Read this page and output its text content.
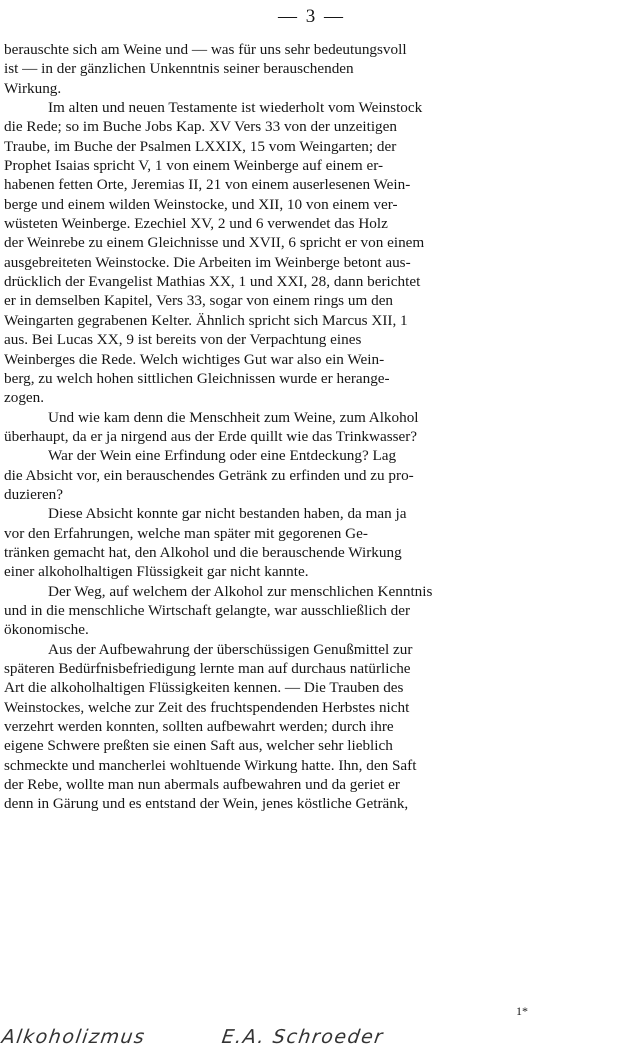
— 3 —

berauschte sich am Weine und — was für uns sehr bedeutungsvoll
ist — in der gänzlichen Unkenntnis seiner berauschenden
Wirkung.

Im alten und neuen Testamente ist wiederholt vom Weinstock
die Rede; so im Buche Jobs Kap. XV Vers 33 von der unzeitigen
Traube, im Buche der Psalmen LXXIX, 15 vom Weingarten; der
Prophet Isaias spricht V, 1 von einem Weinberge auf einem er-
habenen fetten Orte, Jeremias II, 21 von einem auserlesenen Wein-
berge und einem wilden Weinstocke, und XII, 10 von einem ver-
wüsteten Weinberge. Ezechiel XV, 2 und 6 verwendet das Holz
der Weinrebe zu einem Gleichnisse und XVII, 6 spricht er von einem
ausgebreiteten Weinstocke. Die Arbeiten im Weinberge betont aus-
drücklich der Evangelist Mathias XX, 1 und XXI, 28, dann berichtet
er in demselben Kapitel, Vers 33, sogar von einem rings um den
Weingarten gegrabenen Kelter. Ähnlich spricht sich Marcus XII, 1
aus. Bei Lucas XX, 9 ist bereits von der Verpachtung eines
Weinberges die Rede. Welch wichtiges Gut war also ein Wein-
berg, zu welch hohen sittlichen Gleichnissen wurde er herange-
zogen.

Und wie kam denn die Menschheit zum Weine, zum Alkohol
überhaupt, da er ja nirgend aus der Erde quillt wie das Trinkwasser?

War der Wein eine Erfindung oder eine Entdeckung? Lag
die Absicht vor, ein berauschendes Getränk zu erfinden und zu pro-
duzieren?

Diese Absicht konnte gar nicht bestanden haben, da man ja
vor den Erfahrungen, welche man später mit gegorenen Ge-
tränken gemacht hat, den Alkohol und die berauschende Wirkung
einer alkoholhaltigen Flüssigkeit gar nicht kannte.

Der Weg, auf welchem der Alkohol zur menschlichen Kenntnis
und in die menschliche Wirtschaft gelangte, war ausschließlich der
ökonomische.

Aus der Aufbewahrung der überschüssigen Genußmittel zur
späteren Bedürfnisbefriedigung lernte man auf durchaus natürliche
Art die alkoholhaltigen Flüssigkeiten kennen. — Die Trauben des
Weinstockes, welche zur Zeit des fruchtspendenden Herbstes nicht
verzehrt werden konnten, sollten aufbewahrt werden; durch ihre
eigene Schwere preßten sie einen Saft aus, welcher sehr lieblich
schmeckte und mancherlei wohltuende Wirkung hatte. Ihn, den Saft
der Rebe, wollte man nun abermals aufbewahren und da geriet er
denn in Gärung und es entstand der Wein, jenes köstliche Getränk,

1*
Alkoholizmus	E.A. Schroeder
